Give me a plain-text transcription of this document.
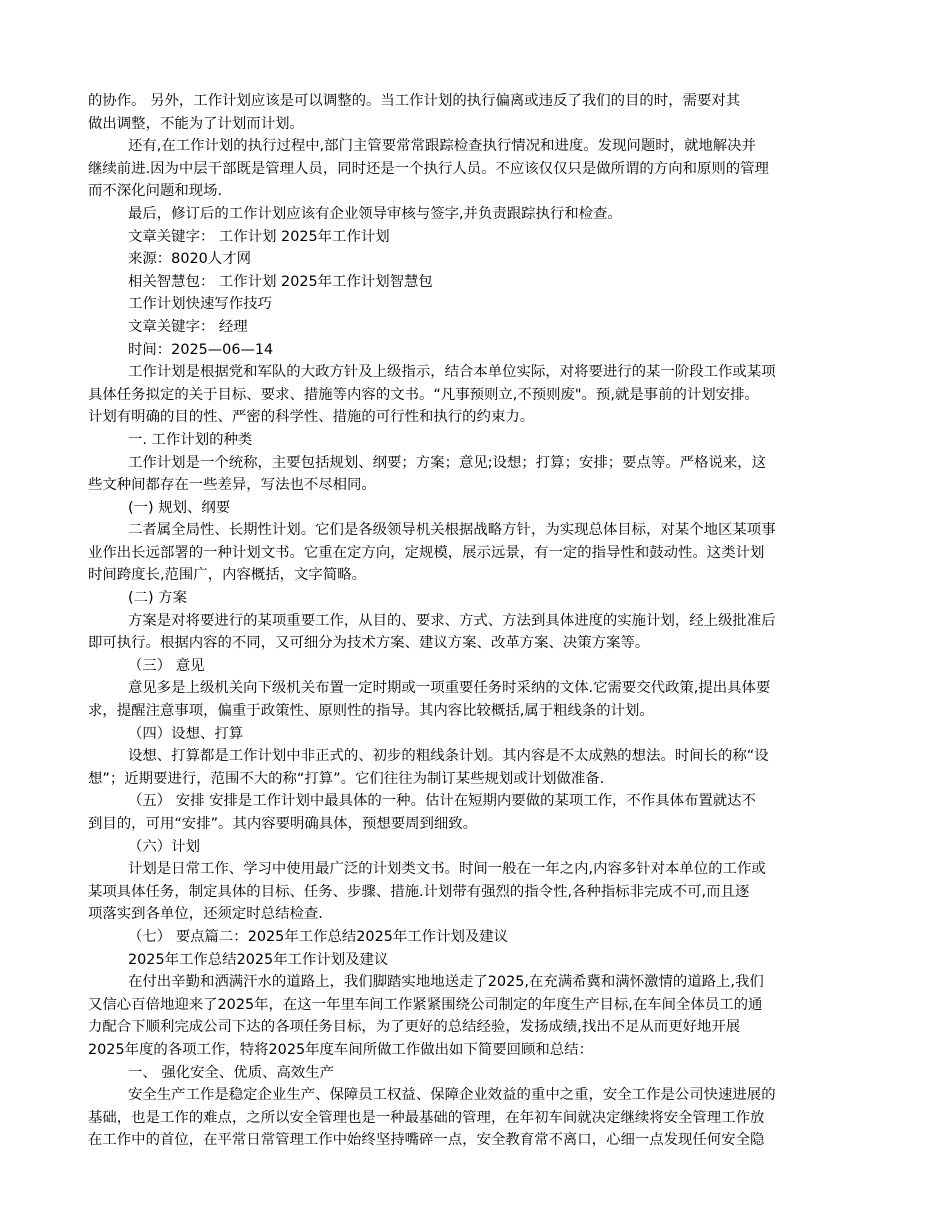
的协作。 另外，工作计划应该是可以调整的。当工作计划的执行偏离或违反了我们的目的时，需要对其
做出调整，不能为了计划而计划。
还有,在工作计划的执行过程中,部门主管要常常跟踪检查执行情况和进度。发现问题时，就地解决并
继续前进.因为中层干部既是管理人员，同时还是一个执行人员。不应该仅仅只是做所谓的方向和原则的管理
而不深化问题和现场.
最后，修订后的工作计划应该有企业领导审核与签字,并负责跟踪执行和检查。
文章关键字： 工作计划 2025年工作计划
来源：8020人才网
相关智慧包： 工作计划 2025年工作计划智慧包
工作计划快速写作技巧
文章关键字： 经理
时间：2025—06—14
工作计划是根据党和军队的大政方针及上级指示，结合本单位实际，对将要进行的某一阶段工作或某项
具体任务拟定的关于目标、要求、措施等内容的文书。“凡事预则立,不预则废"。预,就是事前的计划安排。
计划有明确的目的性、严密的科学性、措施的可行性和执行的约束力。
一. 工作计划的种类
工作计划是一个统称，主要包括规划、纲要；方案；意见;设想；打算；安排；要点等。严格说来，这
些文种间都存在一些差异，写法也不尽相同。
(一) 规划、纲要
二者属全局性、长期性计划。它们是各级领导机关根据战略方针，为实现总体目标，对某个地区某项事
业作出长远部署的一种计划文书。它重在定方向，定规模，展示远景，有一定的指导性和鼓动性。这类计划
时间跨度长,范围广，内容概括，文字简略。
(二) 方案
方案是对将要进行的某项重要工作，从目的、要求、方式、方法到具体进度的实施计划，经上级批准后
即可执行。根据内容的不同，又可细分为技术方案、建议方案、改革方案、决策方案等。
（三） 意见
意见多是上级机关向下级机关布置一定时期或一项重要任务时采纳的文体.它需要交代政策,提出具体要
求，提醒注意事项，偏重于政策性、原则性的指导。其内容比较概括,属于粗线条的计划。
（四）设想、打算
设想、打算都是工作计划中非正式的、初步的粗线条计划。其内容是不太成熟的想法。时间长的称“设
想”；近期要进行，范围不大的称“打算”。它们往往为制订某些规划或计划做准备.
（五） 安排 安排是工作计划中最具体的一种。估计在短期内要做的某项工作，不作具体布置就达不
到目的，可用“安排”。其内容要明确具体，预想要周到细致。
（六）计划
计划是日常工作、学习中使用最广泛的计划类文书。时间一般在一年之内,内容多针对本单位的工作或
某项具体任务，制定具体的目标、任务、步骤、措施.计划带有强烈的指令性,各种指标非完成不可,而且逐
项落实到各单位，还须定时总结检查.
（七） 要点篇二：2025年工作总结2025年工作计划及建议
2025年工作总结2025年工作计划及建议
在付出辛勤和洒满汗水的道路上，我们脚踏实地地送走了2025,在充满希冀和满怀激情的道路上,我们
又信心百倍地迎来了2025年，在这一年里车间工作紧紧围绕公司制定的年度生产目标,在车间全体员工的通
力配合下顺利完成公司下达的各项任务目标，为了更好的总结经验，发扬成绩,找出不足从而更好地开展
2025年度的各项工作，特将2025年度车间所做工作做出如下简要回顾和总结：
一、 强化安全、优质、高效生产
安全生产工作是稳定企业生产、保障员工权益、保障企业效益的重中之重，安全工作是公司快速进展的
基础，也是工作的难点，之所以安全管理也是一种最基础的管理，在年初车间就决定继续将安全管理工作放
在工作中的首位，在平常日常管理工作中始终坚持嘴碎一点，安全教育常不离口，心细一点发现任何安全隐
